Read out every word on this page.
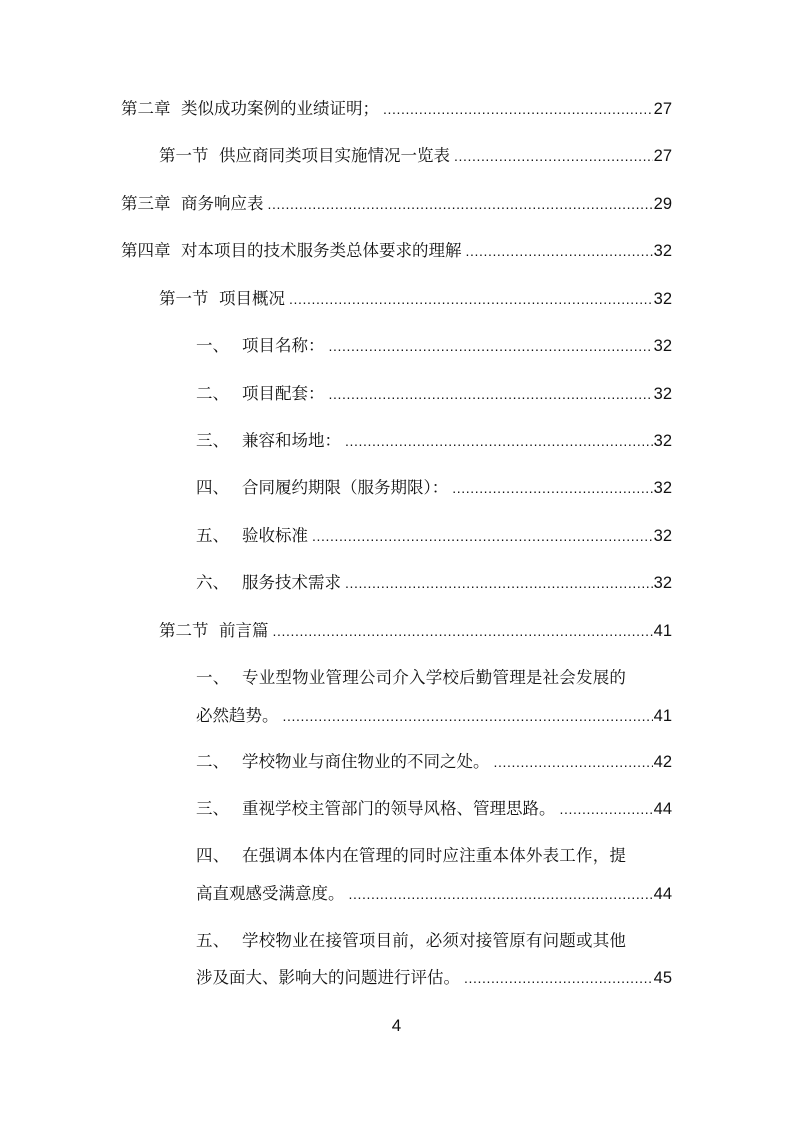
第二章 类似成功案例的业绩证明； .....	27
第一节 供应商同类项目实施情况一览表 .....	27
第三章 商务响应表 .....	29
第四章 对本项目的技术服务类总体要求的理解 .....	32
第一节 项目概况 .....	32
一、 项目名称： .....	32
二、 项目配套： .....	32
三、 兼容和场地： .....	32
四、 合同履约期限（服务期限）： .....	32
五、 验收标准 .....	32
六、 服务技术需求 .....	32
第二节 前言篇 .....	41
一、 专业型物业管理公司介入学校后勤管理是社会发展的
必然趋势。 .....	41
二、 学校物业与商住物业的不同之处。 .....	42
三、 重视学校主管部门的领导风格、管理思路。 .....	44
四、 在强调本体内在管理的同时应注重本体外表工作，提
高直观感受满意度。 .....	44
五、 学校物业在接管项目前，必须对接管原有问题或其他
涉及面大、影响大的问题进行评估。 .....	45
4
